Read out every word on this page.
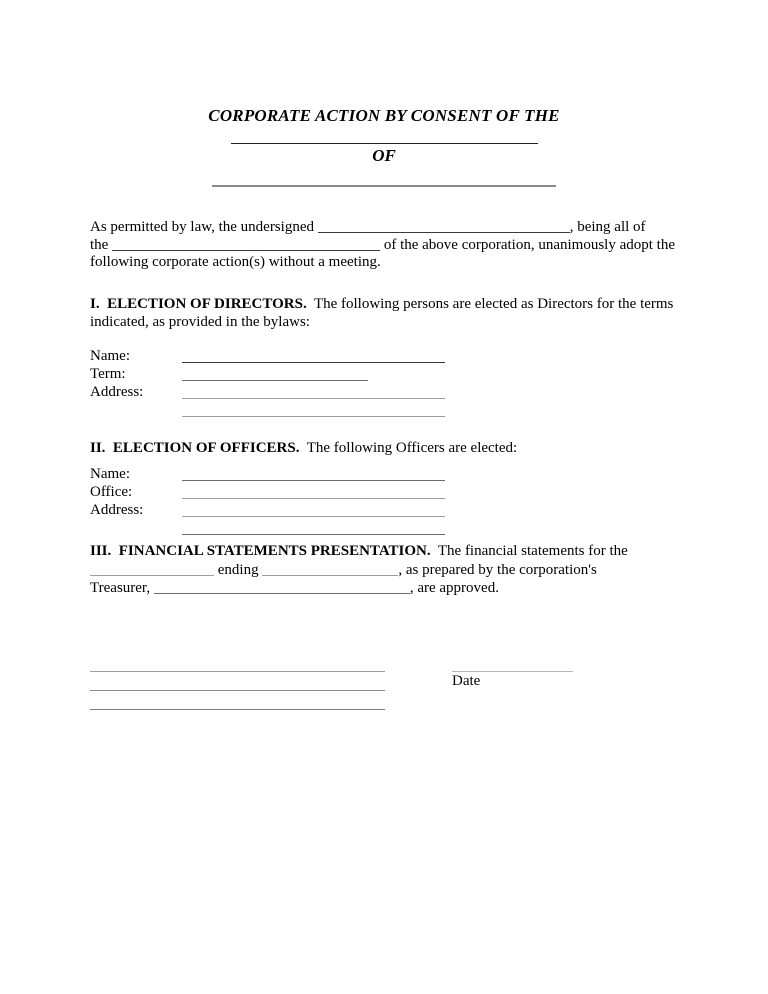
CORPORATE ACTION BY CONSENT OF THE
OF
As permitted by law, the undersigned	, being all of
the	of the above corporation, unanimously adopt the
following corporate action(s) without a meeting.
I.  ELECTION OF DIRECTORS.  The following persons are elected as Directors for the terms
indicated, as provided in the bylaws:
Name:
Term:
Address:
II.  ELECTION OF OFFICERS.  The following Officers are elected:
Name:
Office:
Address:
III.  FINANCIAL STATEMENTS PRESENTATION.  The financial statements for the
ending	, as prepared by the corporation's
Treasurer,	, are approved.
Date
